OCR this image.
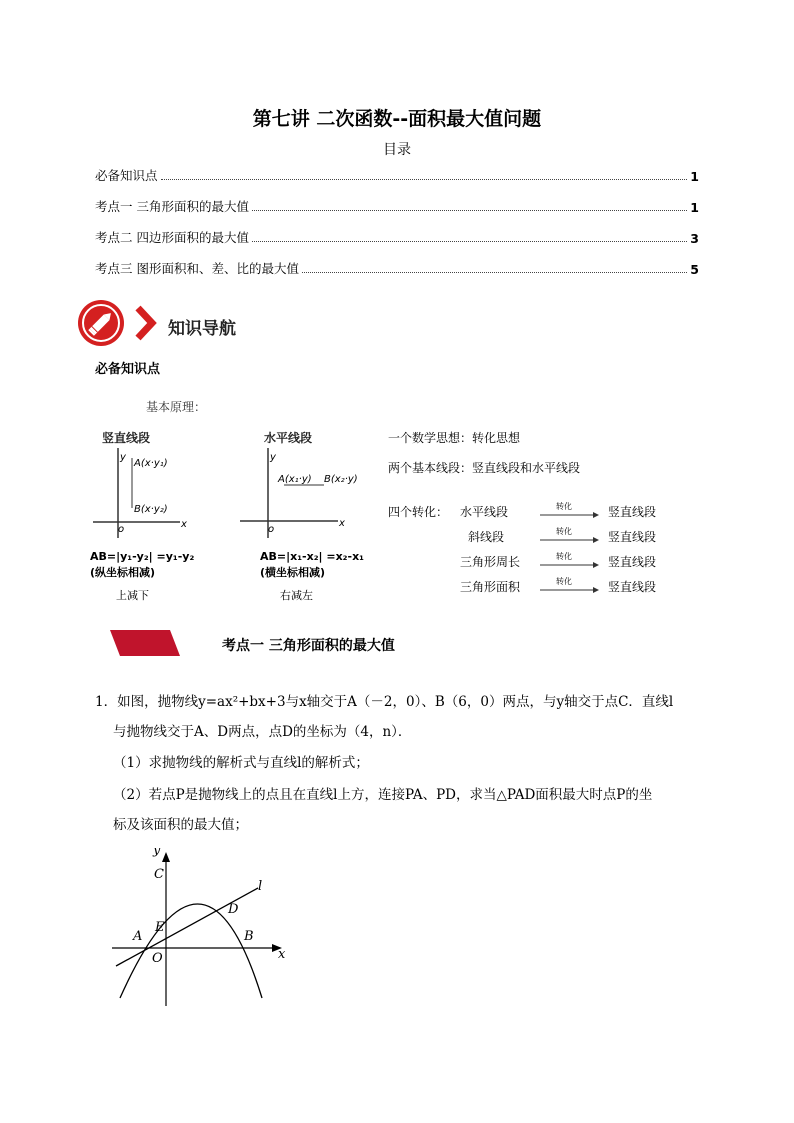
第七讲 二次函数--面积最大值问题
目录
必备知识点	1
考点一 三角形面积的最大值	1
考点二 四边形面积的最大值	3
考点三 图形面积和、差、比的最大值	5
知识导航
必备知识点
基本原理：
竖直线段
y
x
o
A(x·y₁)
B(x·y₂)
AB=|y₁-y₂| =y₁-y₂
(纵坐标相减)
上减下
水平线段
y
x
o
A(x₁·y) B(x₂·y)
AB=|x₁-x₂| =x₂-x₁
(横坐标相减)
右减左
一个数学思想：转化思想
两个基本线段：竖直线段和水平线段
四个转化： 水平线段	转化	竖直线段
斜线段	转化	竖直线段
三角形周长	转化	竖直线段
三角形面积	转化	竖直线段
考点一 三角形面积的最大值
1．如图，抛物线y=ax²+bx+3与x轴交于A（－2，0）、B（6，0）两点，与y轴交于点C．直线l
与抛物线交于A、D两点，点D的坐标为（4，n）．
（1）求抛物线的解析式与直线l的解析式；
（2）若点P是抛物线上的点且在直线l上方，连接PA、PD，求当△PAD面积最大时点P的坐
标及该面积的最大值；
y
x
l
C
D
A
E
B
O
